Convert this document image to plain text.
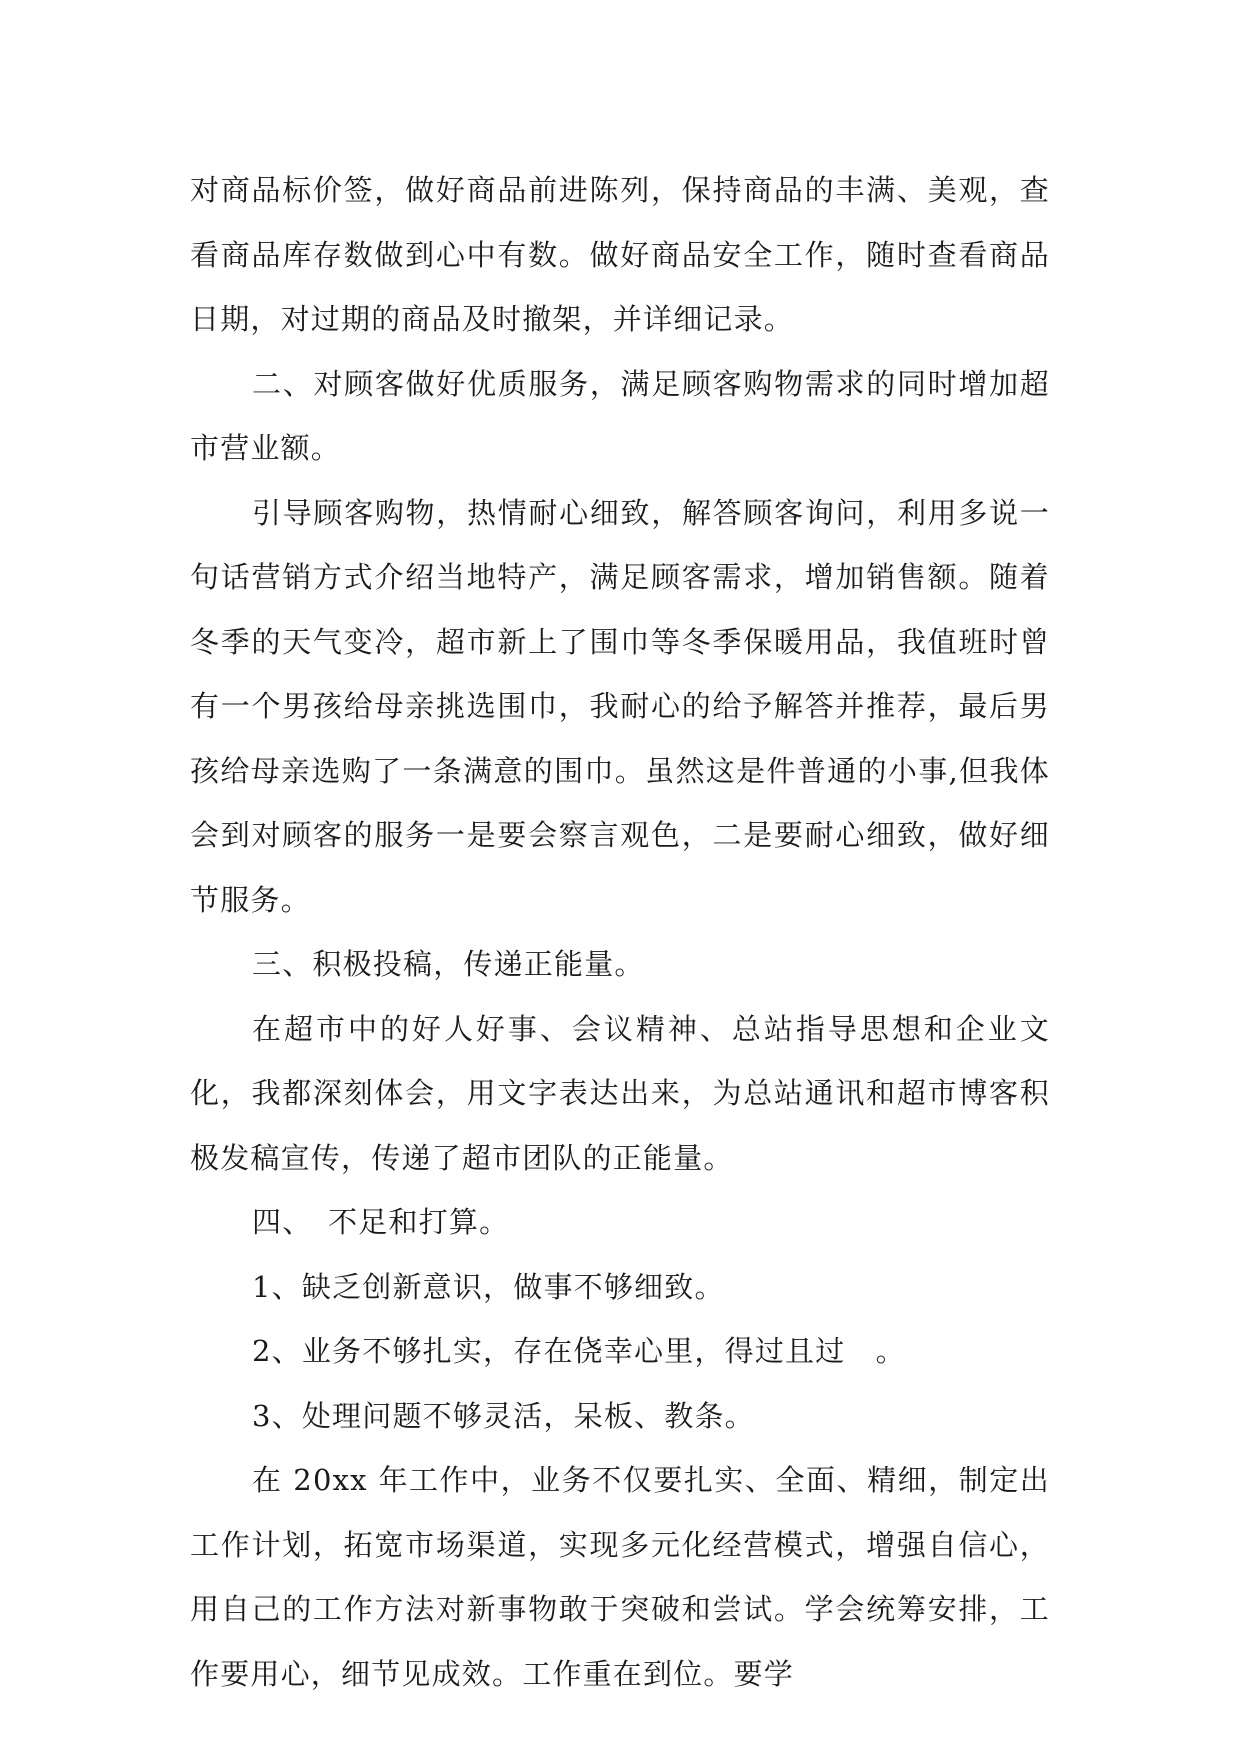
对商品标价签，做好商品前进陈列，保持商品的丰满、美观，查看商品库存数做到心中有数。做好商品安全工作，随时查看商品日期，对过期的商品及时撤架，并详细记录。

二、对顾客做好优质服务，满足顾客购物需求的同时增加超市营业额。

引导顾客购物，热情耐心细致，解答顾客询问，利用多说一句话营销方式介绍当地特产，满足顾客需求，增加销售额。随着冬季的天气变冷，超市新上了围巾等冬季保暖用品，我值班时曾有一个男孩给母亲挑选围巾，我耐心的给予解答并推荐，最后男孩给母亲选购了一条满意的围巾。虽然这是件普通的小事,但我体会到对顾客的服务一是要会察言观色，二是要耐心细致，做好细节服务。

三、积极投稿，传递正能量。

在超市中的好人好事、会议精神、总站指导思想和企业文化，我都深刻体会，用文字表达出来，为总站通讯和超市博客积极发稿宣传，传递了超市团队的正能量。

四、　不足和打算。

1、缺乏创新意识，做事不够细致。

2、业务不够扎实，存在侥幸心里，得过且过　。

3、处理问题不够灵活，呆板、教条。

在 20xx 年工作中，业务不仅要扎实、全面、精细，制定出工作计划，拓宽市场渠道，实现多元化经营模式，增强自信心，用自己的工作方法对新事物敢于突破和尝试。学会统筹安排，工作要用心，细节见成效。工作重在到位。要学
